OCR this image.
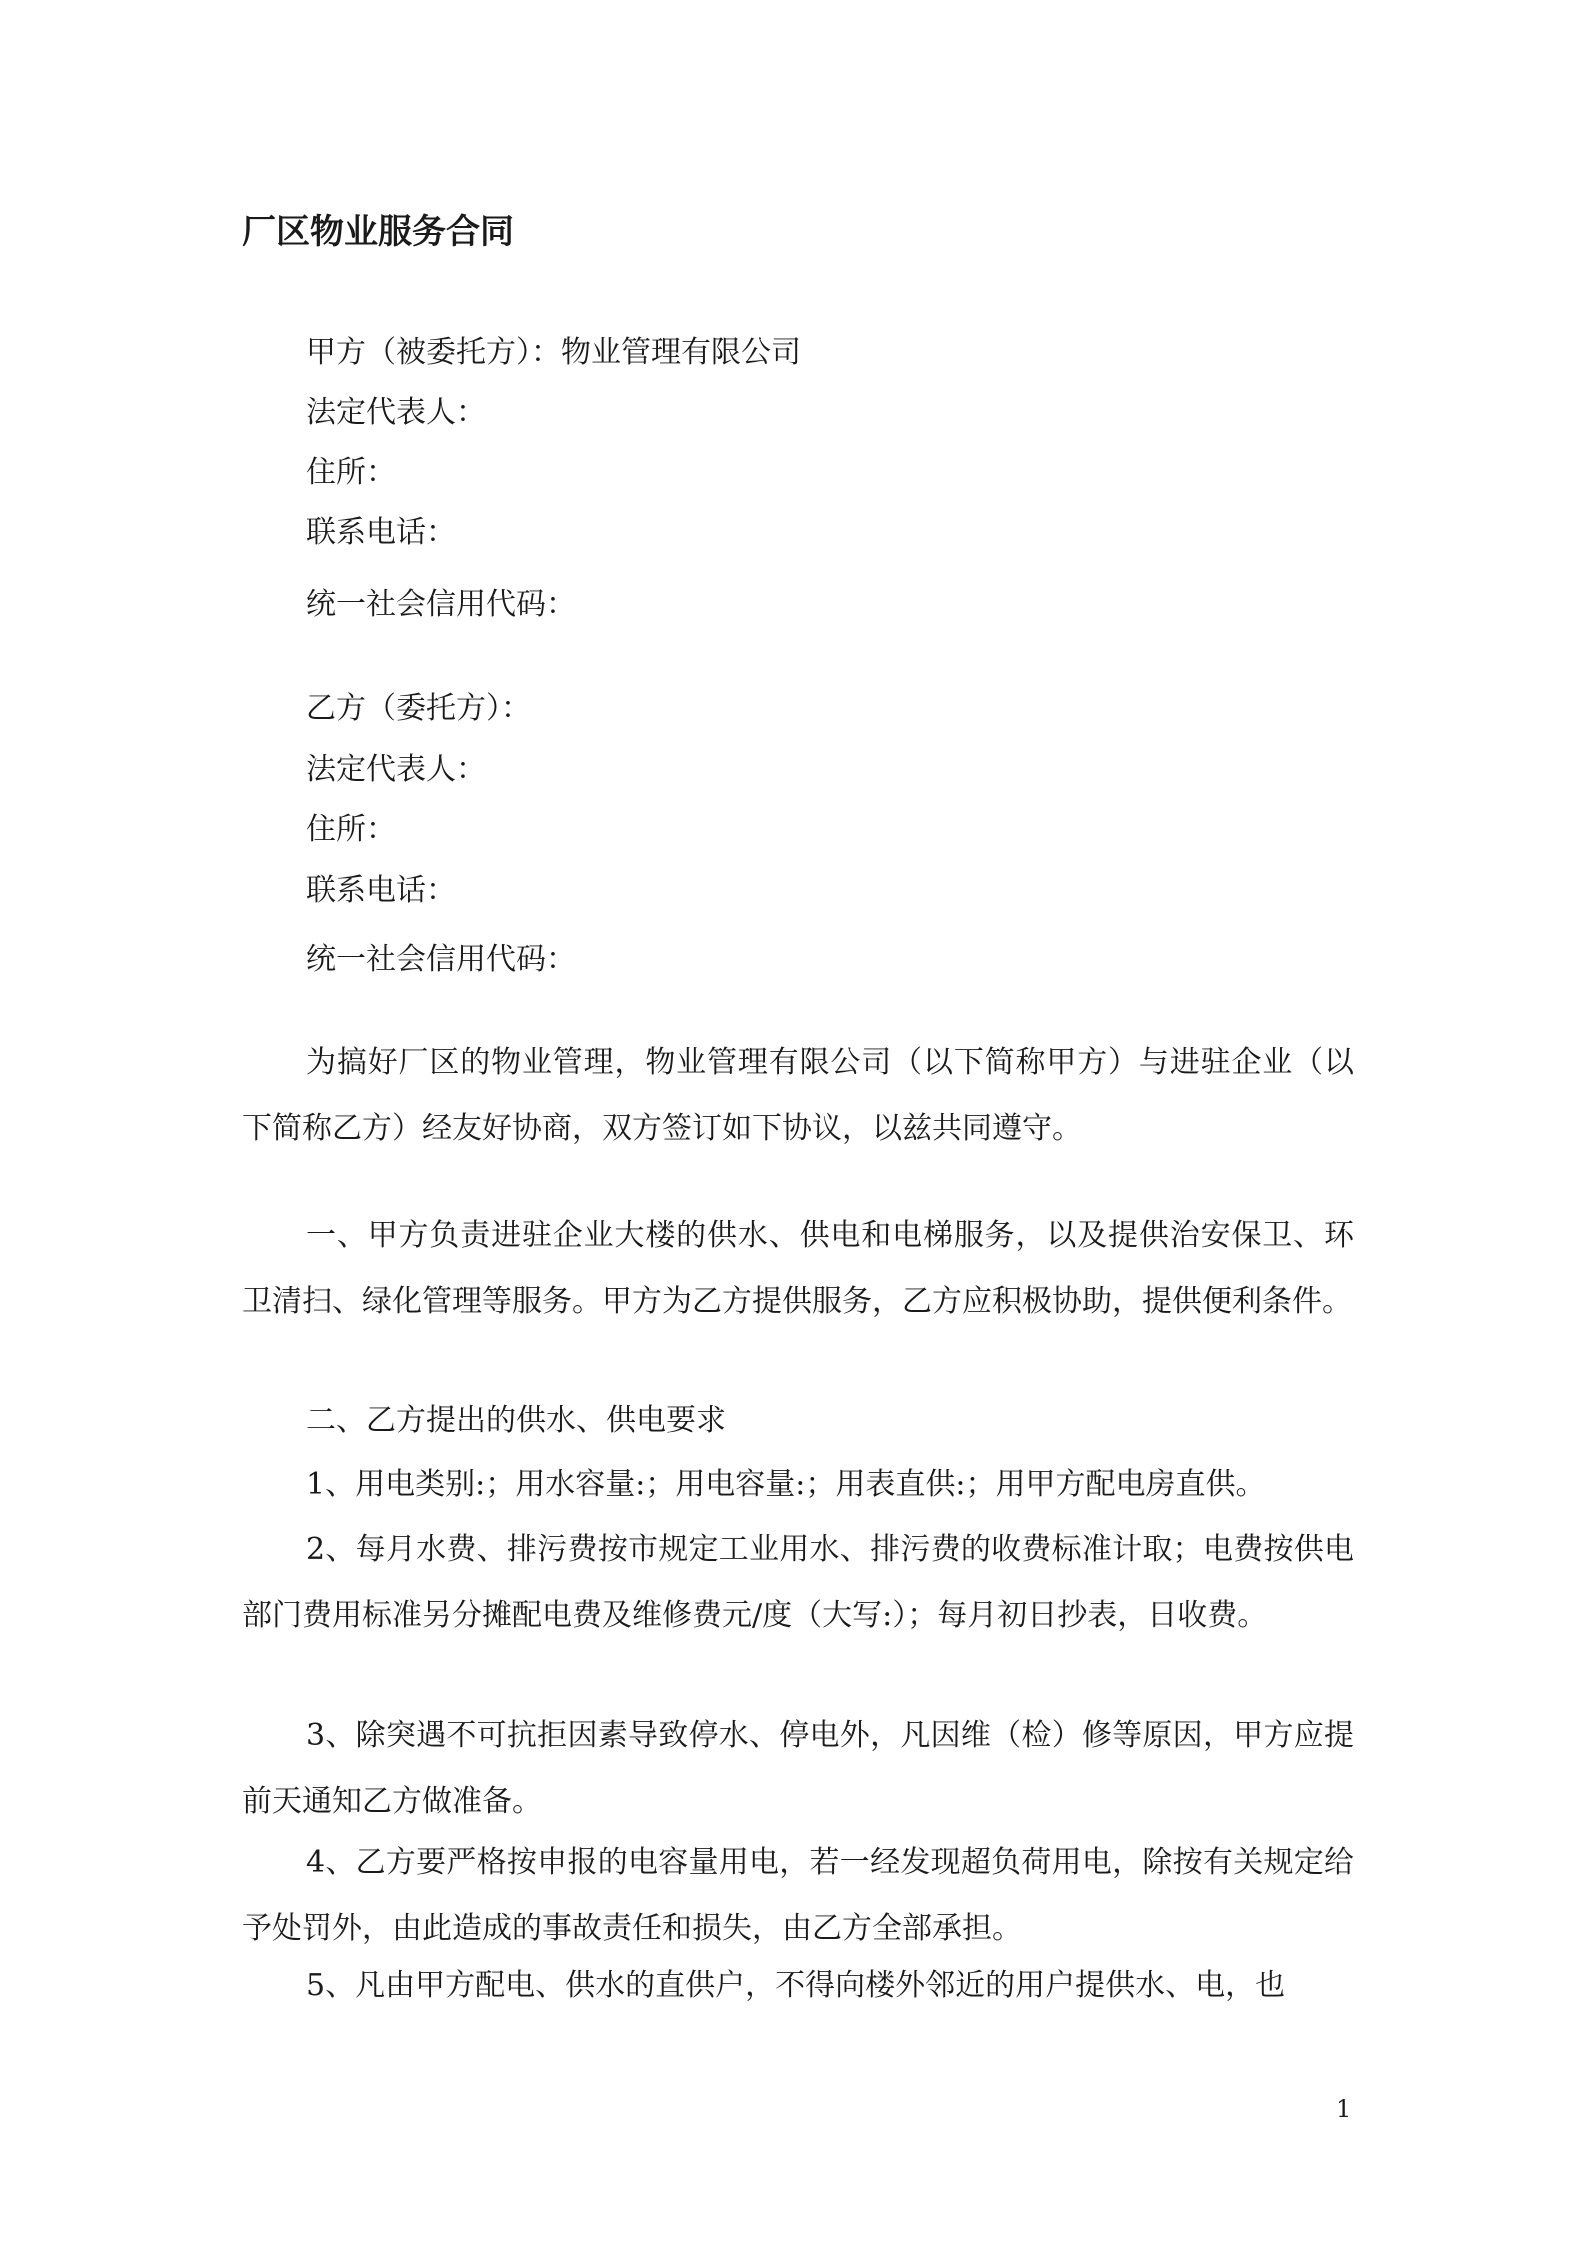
厂区物业服务合同
甲方（被委托方）：物业管理有限公司
法定代表人：
住所：
联系电话：
统一社会信用代码：
乙方（委托方）：
法定代表人：
住所：
联系电话：
统一社会信用代码：

为搞好厂区的物业管理，物业管理有限公司（以下简称甲方）与进驻企业（以下简称乙方）经友好协商，双方签订如下协议，以兹共同遵守。

一、甲方负责进驻企业大楼的供水、供电和电梯服务，以及提供治安保卫、环卫清扫、绿化管理等服务。甲方为乙方提供服务，乙方应积极协助，提供便利条件。

二、乙方提出的供水、供电要求

1、用电类别:；用水容量:；用电容量:；用表直供:；用甲方配电房直供。

2、每月水费、排污费按市规定工业用水、排污费的收费标准计取；电费按供电部门费用标准另分摊配电费及维修费元/度（大写:）；每月初日抄表，日收费。

3、除突遇不可抗拒因素导致停水、停电外，凡因维（检）修等原因，甲方应提前天通知乙方做准备。

4、乙方要严格按申报的电容量用电，若一经发现超负荷用电，除按有关规定给予处罚外，由此造成的事故责任和损失，由乙方全部承担。

5、凡由甲方配电、供水的直供户，不得向楼外邻近的用户提供水、电，也

1
